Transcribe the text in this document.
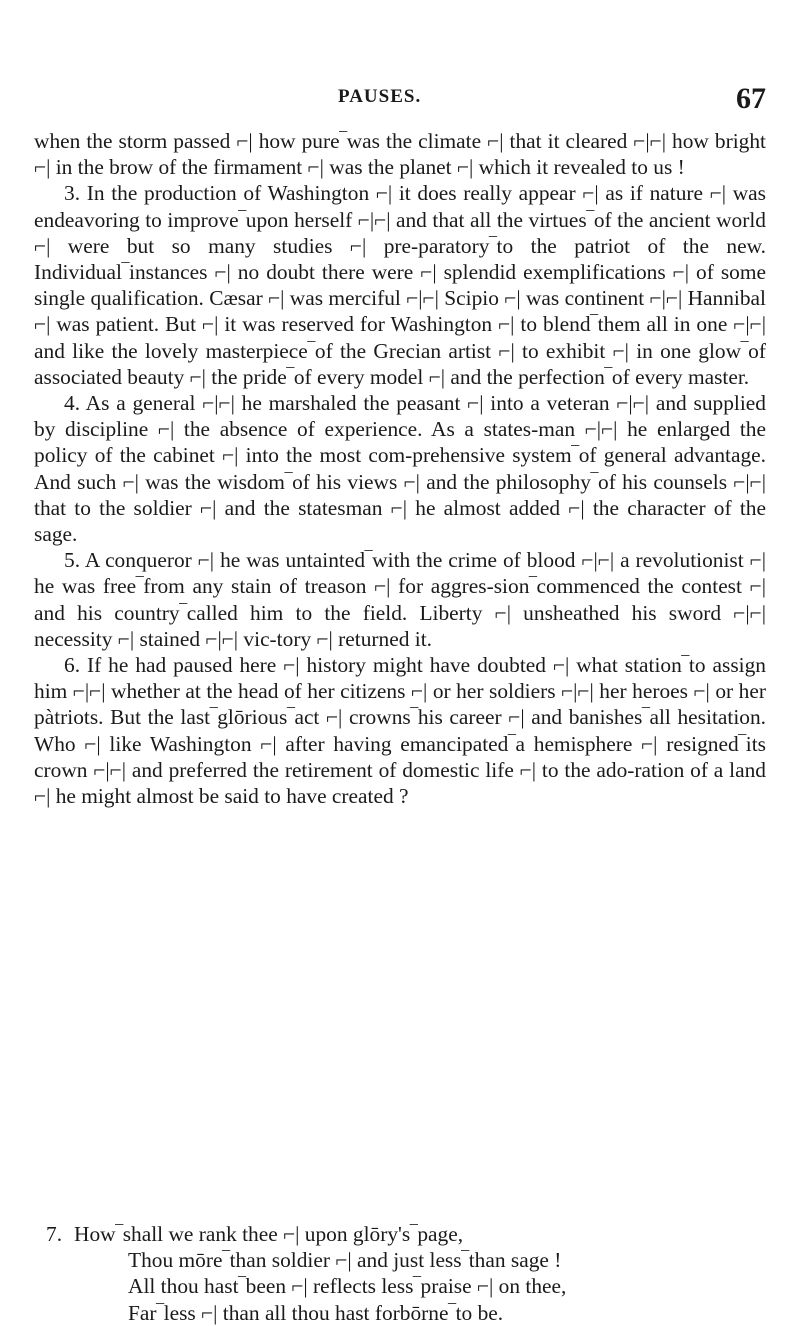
PAUSES.	67

when the storm passed ⌐| how pure‾was the climate ⌐| that it cleared ⌐|⌐| how bright ⌐| in the brow of the firmament ⌐| was the planet ⌐| which it revealed to us !

3. In the production of Washington ⌐| it does really appear ⌐| as if nature ⌐| was endeavoring to improve‾upon herself ⌐|⌐| and that all the virtues‾of the ancient world ⌐| were but so many studies ⌐| pre-paratory‾to the patriot of the new. Individual‾instances ⌐| no doubt there were ⌐| splendid exemplifications ⌐| of some single qualification. Cæsar ⌐| was merciful ⌐|⌐| Scipio ⌐| was continent ⌐|⌐| Hannibal ⌐| was patient. But ⌐| it was reserved for Washington ⌐| to blend‾them all in one ⌐|⌐| and like the lovely masterpiece‾of the Grecian artist ⌐| to exhibit ⌐| in one glow‾of associated beauty ⌐| the pride‾of every model ⌐| and the perfection‾of every master.

4. As a general ⌐|⌐| he marshaled the peasant ⌐| into a veteran ⌐|⌐| and supplied by discipline ⌐| the absence of experience. As a states-man ⌐|⌐| he enlarged the policy of the cabinet ⌐| into the most com-prehensive system‾of general advantage. And such ⌐| was the wisdom‾of his views ⌐| and the philosophy‾of his counsels ⌐|⌐| that to the soldier ⌐| and the statesman ⌐| he almost added ⌐| the character of the sage.

5. A conqueror ⌐| he was untainted‾with the crime of blood ⌐|⌐| a revolutionist ⌐| he was free‾from any stain of treason ⌐| for aggres-sion‾commenced the contest ⌐| and his country‾called him to the field. Liberty ⌐| unsheathed his sword ⌐|⌐| necessity ⌐| stained ⌐|⌐| vic-tory ⌐| returned it.

6. If he had paused here ⌐| history might have doubted ⌐| what station‾to assign him ⌐|⌐| whether at the head of her citizens ⌐| or her soldiers ⌐|⌐| her heroes ⌐| or her pàtriots. But the last‾glōrious‾act ⌐| crowns‾his career ⌐| and banishes‾all hesitation. Who ⌐| like Washington ⌐| after having emancipated‾a hemisphere ⌐| resigned‾its crown ⌐|⌐| and preferred the retirement of domestic life ⌐| to the ado-ration of a land ⌐| he might almost be said to have created ?

7. How‾shall we rank thee ⌐| upon glōry's‾page,
Thou mōre‾than soldier ⌐| and just less‾than sage !
All thou hast‾been ⌐| reflects less‾praise ⌐| on thee,
Far‾less ⌐| than all thou hast forbōrne‾to be.
